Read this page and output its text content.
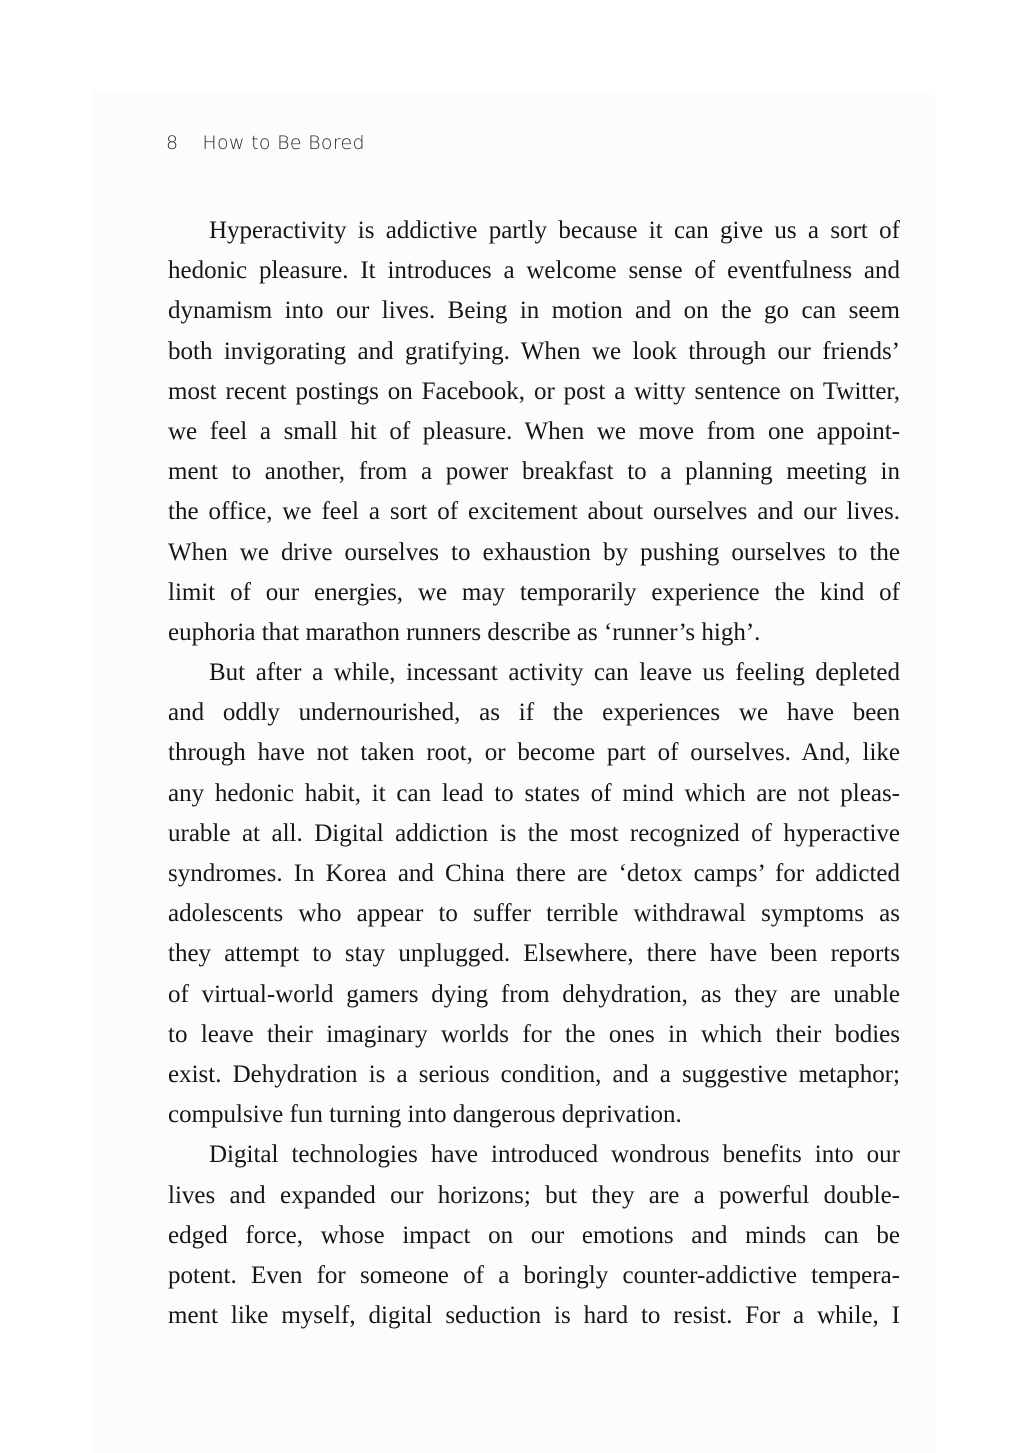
8 How to Be Bored
Hyperactivity is addictive partly because it can give us a sort of
hedonic pleasure. It introduces a welcome sense of eventfulness and
dynamism into our lives. Being in motion and on the go can seem
both invigorating and gratifying. When we look through our friends’
most recent postings on Facebook, or post a witty sentence on Twitter,
we feel a small hit of pleasure. When we move from one appoint-
ment to another, from a power breakfast to a planning meeting in
the office, we feel a sort of excitement about ourselves and our lives.
When we drive ourselves to exhaustion by pushing ourselves to the
limit of our energies, we may temporarily experience the kind of
euphoria that marathon runners describe as ‘runner’s high’.
But after a while, incessant activity can leave us feeling depleted
and oddly undernourished, as if the experiences we have been
through have not taken root, or become part of ourselves. And, like
any hedonic habit, it can lead to states of mind which are not pleas-
urable at all. Digital addiction is the most recognized of hyperactive
syndromes. In Korea and China there are ‘detox camps’ for addicted
adolescents who appear to suffer terrible withdrawal symptoms as
they attempt to stay unplugged. Elsewhere, there have been reports
of virtual-world gamers dying from dehydration, as they are unable
to leave their imaginary worlds for the ones in which their bodies
exist. Dehydration is a serious condition, and a suggestive metaphor;
compulsive fun turning into dangerous deprivation.
Digital technologies have introduced wondrous benefits into our
lives and expanded our horizons; but they are a powerful double-
edged force, whose impact on our emotions and minds can be
potent. Even for someone of a boringly counter-addictive tempera-
ment like myself, digital seduction is hard to resist. For a while, I
